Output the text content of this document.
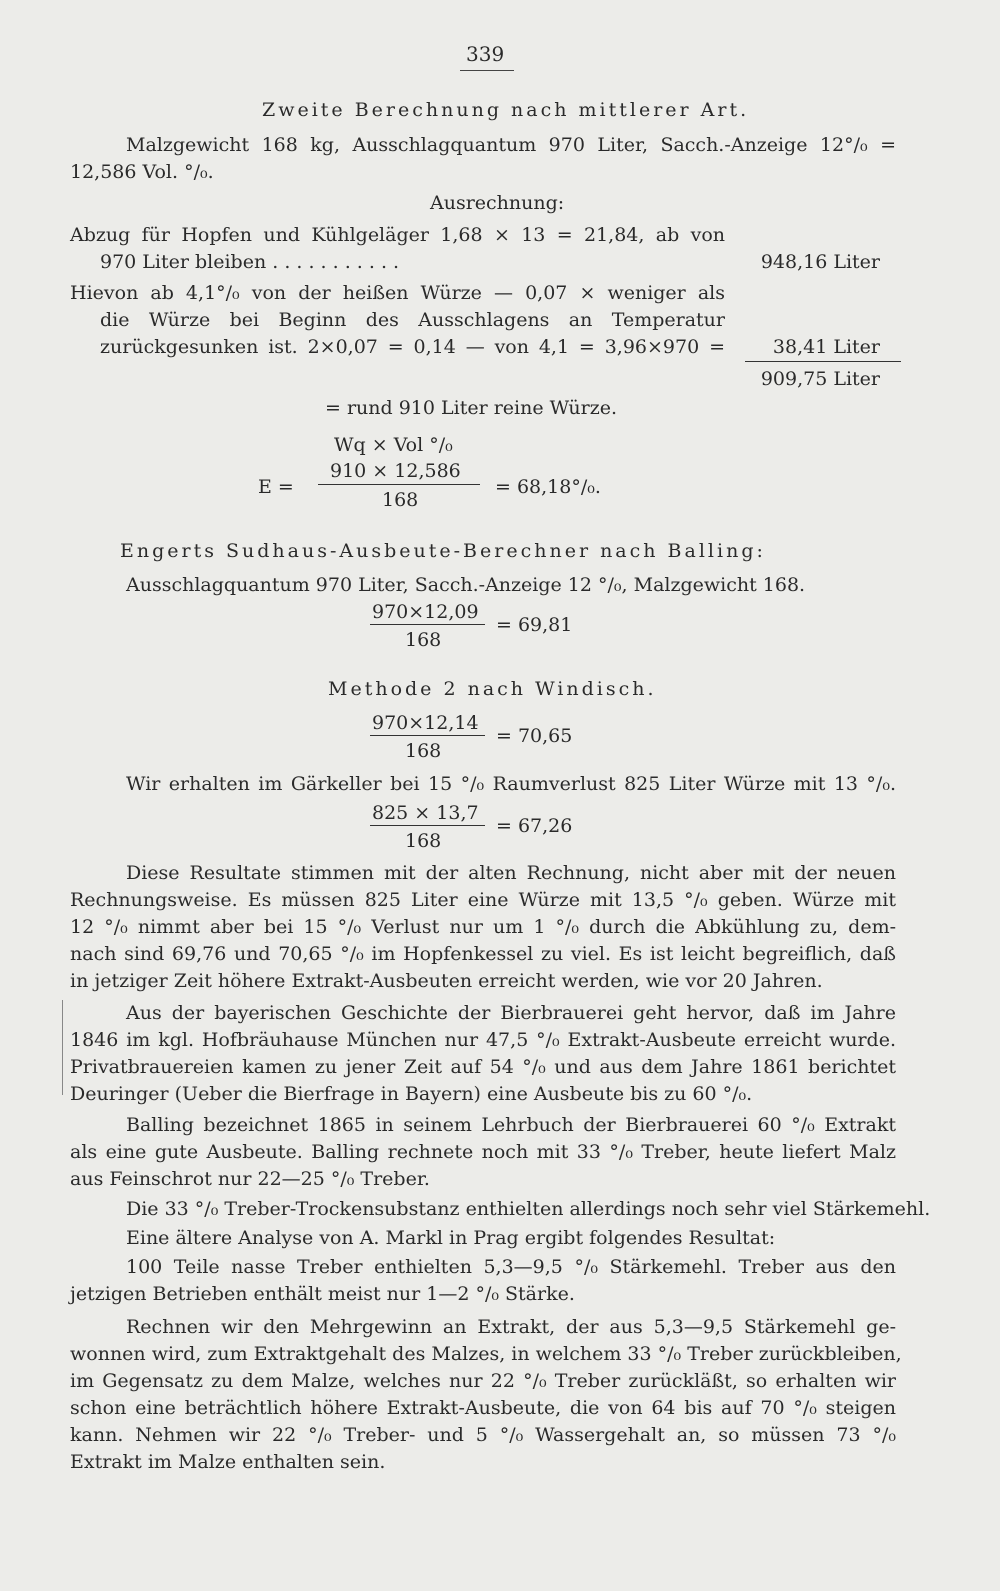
339
Zweite Berechnung nach mittlerer Art.
Malzgewicht 168 kg, Ausschlagquantum 970 Liter, Sacch.-Anzeige 12°/₀ =
12,586 Vol. °/₀.
Ausrechnung:
Abzug für Hopfen und Kühlgeläger 1,68 × 13 = 21,84, ab von
970 Liter bleiben . . . . . . . . . . .	948,16 Liter
Hievon ab 4,1°/₀ von der heißen Würze — 0,07 × weniger als
die Würze bei Beginn des Ausschlagens an Temperatur
zurückgesunken ist. 2×0,07 = 0,14 — von 4,1 = 3,96×970 =	38,41 Liter
909,75 Liter
= rund 910 Liter reine Würze.
Wq × Vol °/₀
E =
910 × 12,586
168
= 68,18°/₀.
Engerts Sudhaus-Ausbeute-Berechner nach Balling:
Ausschlagquantum 970 Liter, Sacch.-Anzeige 12 °/₀, Malzgewicht 168.
970×12,09
168
= 69,81
Methode 2 nach Windisch.
970×12,14
168
= 70,65
Wir erhalten im Gärkeller bei 15 °/₀ Raumverlust 825 Liter Würze mit 13 °/₀.
825 × 13,7
168
= 67,26
Diese Resultate stimmen mit der alten Rechnung, nicht aber mit der neuen
Rechnungsweise. Es müssen 825 Liter eine Würze mit 13,5 °/₀ geben. Würze mit
12 °/₀ nimmt aber bei 15 °/₀ Verlust nur um 1 °/₀ durch die Abkühlung zu, dem-
nach sind 69,76 und 70,65 °/₀ im Hopfenkessel zu viel. Es ist leicht begreiflich, daß
in jetziger Zeit höhere Extrakt-Ausbeuten erreicht werden, wie vor 20 Jahren.
Aus der bayerischen Geschichte der Bierbrauerei geht hervor, daß im Jahre
1846 im kgl. Hofbräuhause München nur 47,5 °/₀ Extrakt-Ausbeute erreicht wurde.
Privatbrauereien kamen zu jener Zeit auf 54 °/₀ und aus dem Jahre 1861 berichtet
Deuringer (Ueber die Bierfrage in Bayern) eine Ausbeute bis zu 60 °/₀.
Balling bezeichnet 1865 in seinem Lehrbuch der Bierbrauerei 60 °/₀ Extrakt
als eine gute Ausbeute. Balling rechnete noch mit 33 °/₀ Treber, heute liefert Malz
aus Feinschrot nur 22—25 °/₀ Treber.
Die 33 °/₀ Treber-Trockensubstanz enthielten allerdings noch sehr viel Stärkemehl.
Eine ältere Analyse von A. Markl in Prag ergibt folgendes Resultat:
100 Teile nasse Treber enthielten 5,3—9,5 °/₀ Stärkemehl. Treber aus den
jetzigen Betrieben enthält meist nur 1—2 °/₀ Stärke.
Rechnen wir den Mehrgewinn an Extrakt, der aus 5,3—9,5 Stärkemehl ge-
wonnen wird, zum Extraktgehalt des Malzes, in welchem 33 °/₀ Treber zurückbleiben,
im Gegensatz zu dem Malze, welches nur 22 °/₀ Treber zurückläßt, so erhalten wir
schon eine beträchtlich höhere Extrakt-Ausbeute, die von 64 bis auf 70 °/₀ steigen
kann. Nehmen wir 22 °/₀ Treber- und 5 °/₀ Wassergehalt an, so müssen 73 °/₀
Extrakt im Malze enthalten sein.
